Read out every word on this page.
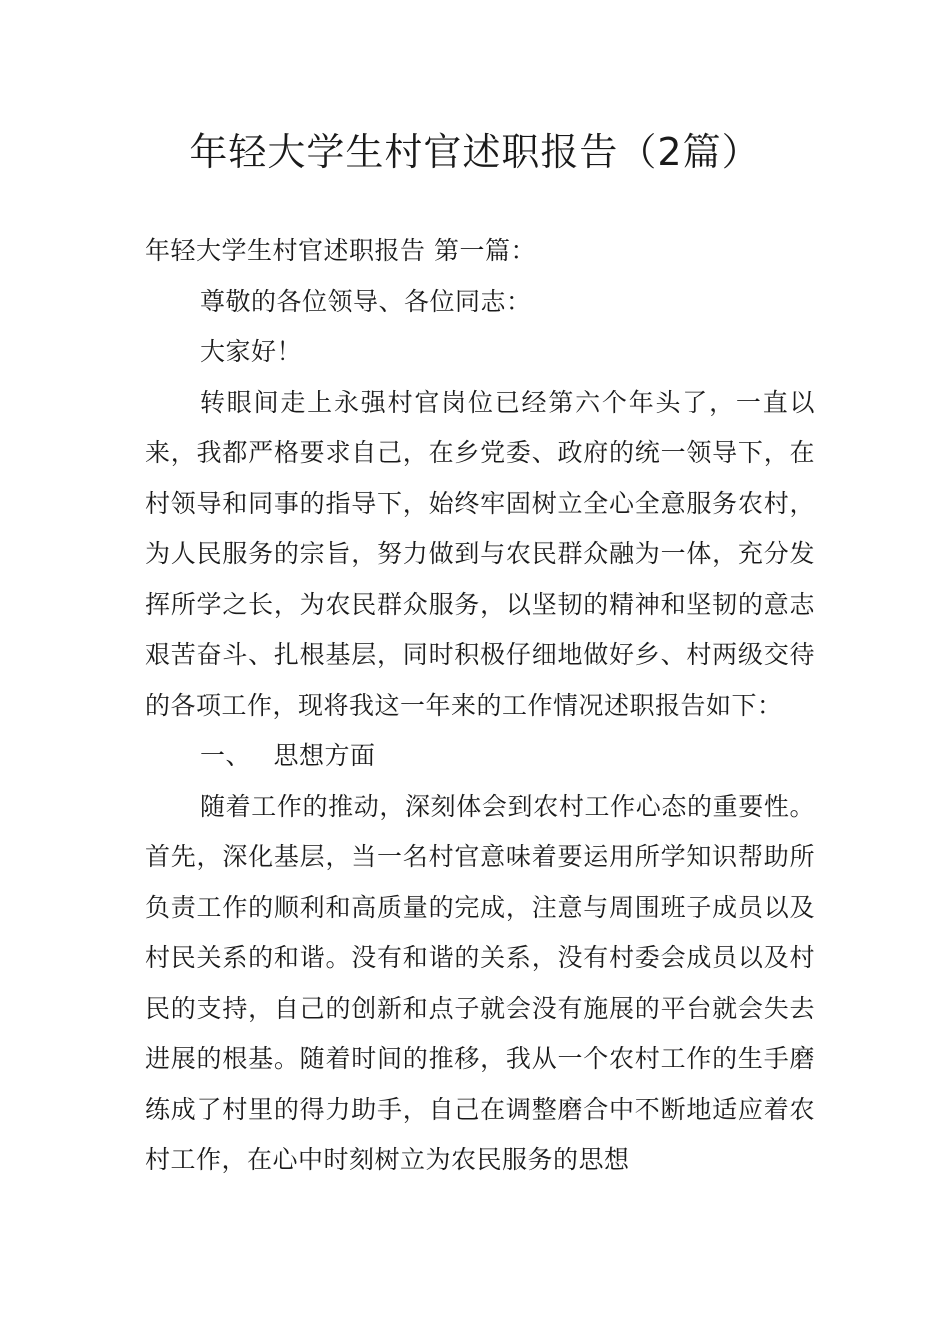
年轻大学生村官述职报告（2篇）

年轻大学生村官述职报告 第一篇：

尊敬的各位领导、各位同志：

大家好！

转眼间走上永强村官岗位已经第六个年头了，一直以来，我都严格要求自己，在乡党委、政府的统一领导下，在村领导和同事的指导下，始终牢固树立全心全意服务农村，为人民服务的宗旨，努力做到与农民群众融为一体，充分发挥所学之长，为农民群众服务，以坚韧的精神和坚韧的意志艰苦奋斗、扎根基层，同时积极仔细地做好乡、村两级交待的各项工作，现将我这一年来的工作情况述职报告如下：

一、 思想方面

随着工作的推动，深刻体会到农村工作心态的重要性。首先，深化基层，当一名村官意味着要运用所学知识帮助所负责工作的顺利和高质量的完成，注意与周围班子成员以及村民关系的和谐。没有和谐的关系，没有村委会成员以及村民的支持，自己的创新和点子就会没有施展的平台就会失去进展的根基。随着时间的推移，我从一个农村工作的生手磨练成了村里的得力助手，自己在调整磨合中不断地适应着农村工作，在心中时刻树立为农民服务的思想
